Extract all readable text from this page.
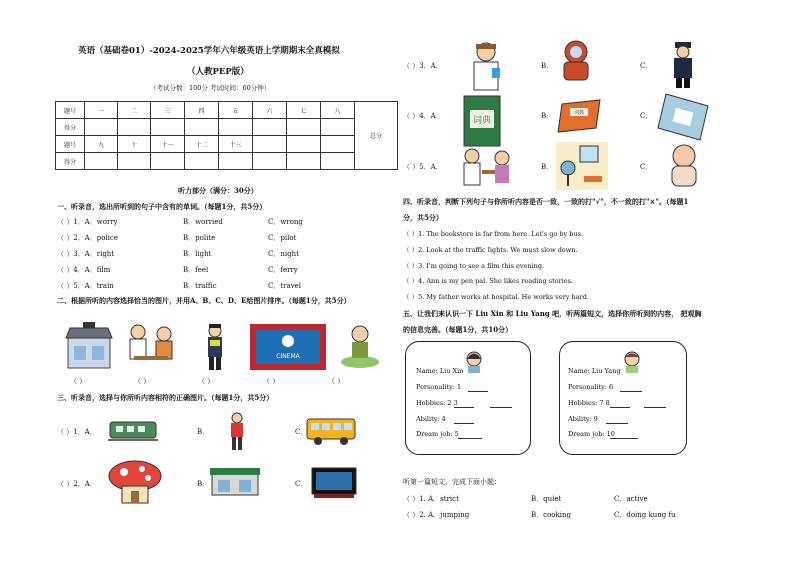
英语（基础卷01）-2024-2025学年六年级英语上学期期末全真模拟
（人教PEP版）
（考试分数：100分 考试时间：60分钟）
题号	一	二	三	四	五	六	七	八	总分
得分									
题号	九	十	十一	十二	十三				
得分									
听力部分（满分：30分）
一、听录音，选出所听到的句子中含有的单词。（每题1分，共5分）
（ ）1．A．worry	B．worried	C．wrong
（ ）2．A．police	B．polite	C．pilot
（ ）3．A．right	B．light	C．night
（ ）4．A．film	B．feel	C．ferry
（ ）5．A．train	B．traffic	C．travel
二、根据所听的内容选择恰当的图片，并用A、B、C、D、E给图片排序。（每题1分，共5分）
CINEMA
（ ）	（ ）	（ ）	（ ）	（ ）
三、听录音，选择与你所听内容相符的正确图片。（每题1分，共5分）
（ ）1．A．	B．	C．
（ ）2．A．	B．	C．
（ ）3．A．	B．	C．
（ ）4．A．	词典	B．	词典	C．
（ ）5．A．	B．	C．
四、听录音，判断下列句子与你所听内容是否一致，一致的打"√"，不一致的打"×"。（每题1
分，共5分）
（ ）1. The bookstore is far from here. Let's go by bus.
（ ）2. Look at the traffic lights. We must slow down.
（ ）3. I'm going to see a film this evening.
（ ）4. Ann is my pen pal. She likes reading stories.
（ ）5. My father works at hospital. He works very hard.
五、让我们来认识一下 Liu Xin 和 Liu Yang 吧，听两篇短文，选择你所听到的内容， 把观胸
的信息完善。（每题1分，共10分）
Name: Liu Xin
Personality: 1
Hobbies: 2 3
Ability: 4
Dream job: 5
Name: Liu Yang
Personality: 6
Hobbies: 7 8
Ability: 9
Dream job: 10
听第一篇短文，完成下面小题：
（ ）1. A．strict	B．quiet	C．active
（ ）2. A．jumping	B．cooking	C．doing kung fu
